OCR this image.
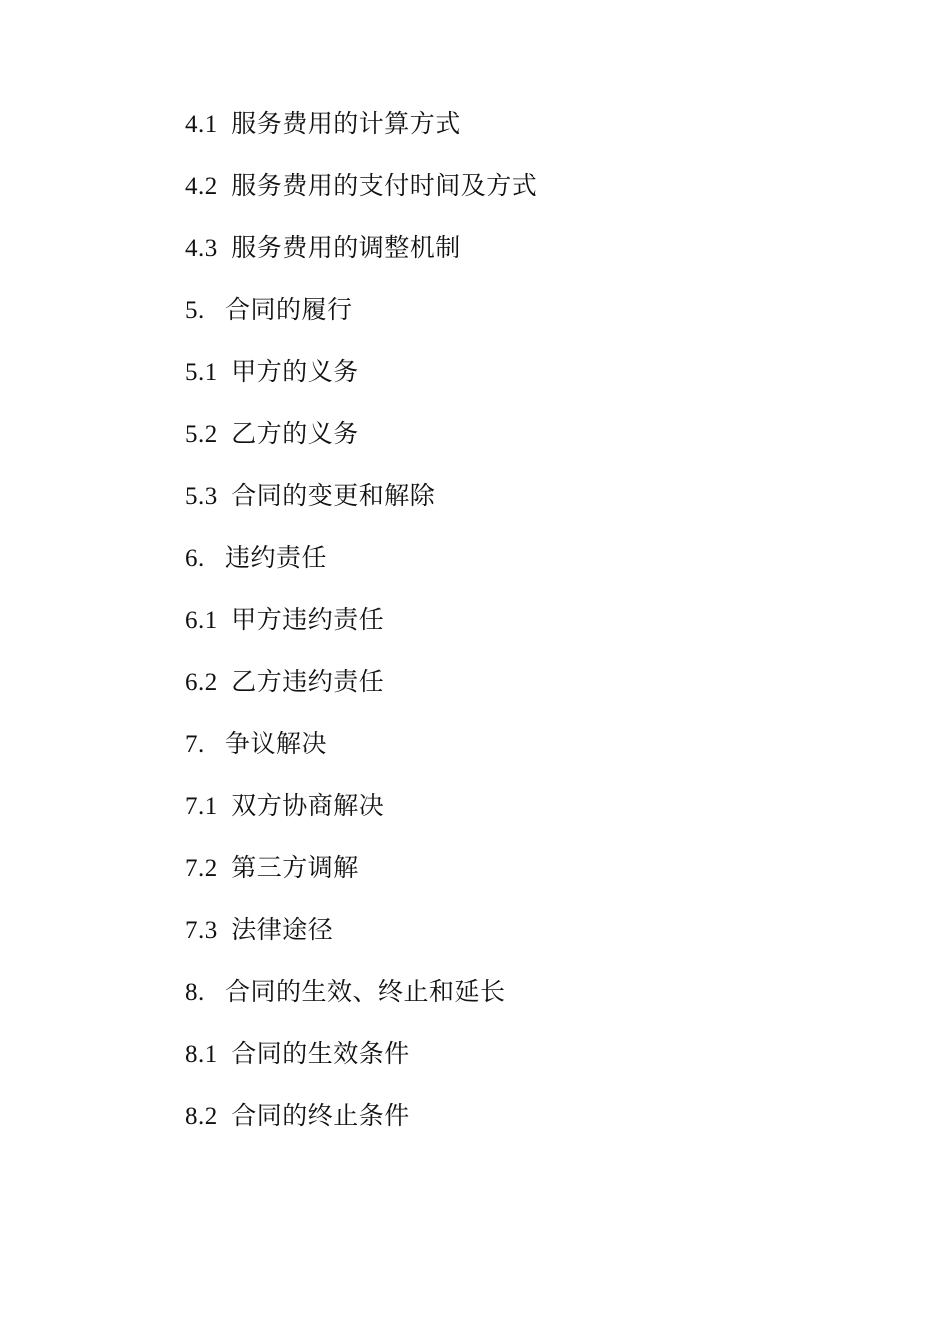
4.1  服务费用的计算方式
4.2  服务费用的支付时间及方式
4.3  服务费用的调整机制
5.   合同的履行
5.1  甲方的义务
5.2  乙方的义务
5.3  合同的变更和解除
6.   违约责任
6.1  甲方违约责任
6.2  乙方违约责任
7.   争议解决
7.1  双方协商解决
7.2  第三方调解
7.3  法律途径
8.   合同的生效、终止和延长
8.1  合同的生效条件
8.2  合同的终止条件
